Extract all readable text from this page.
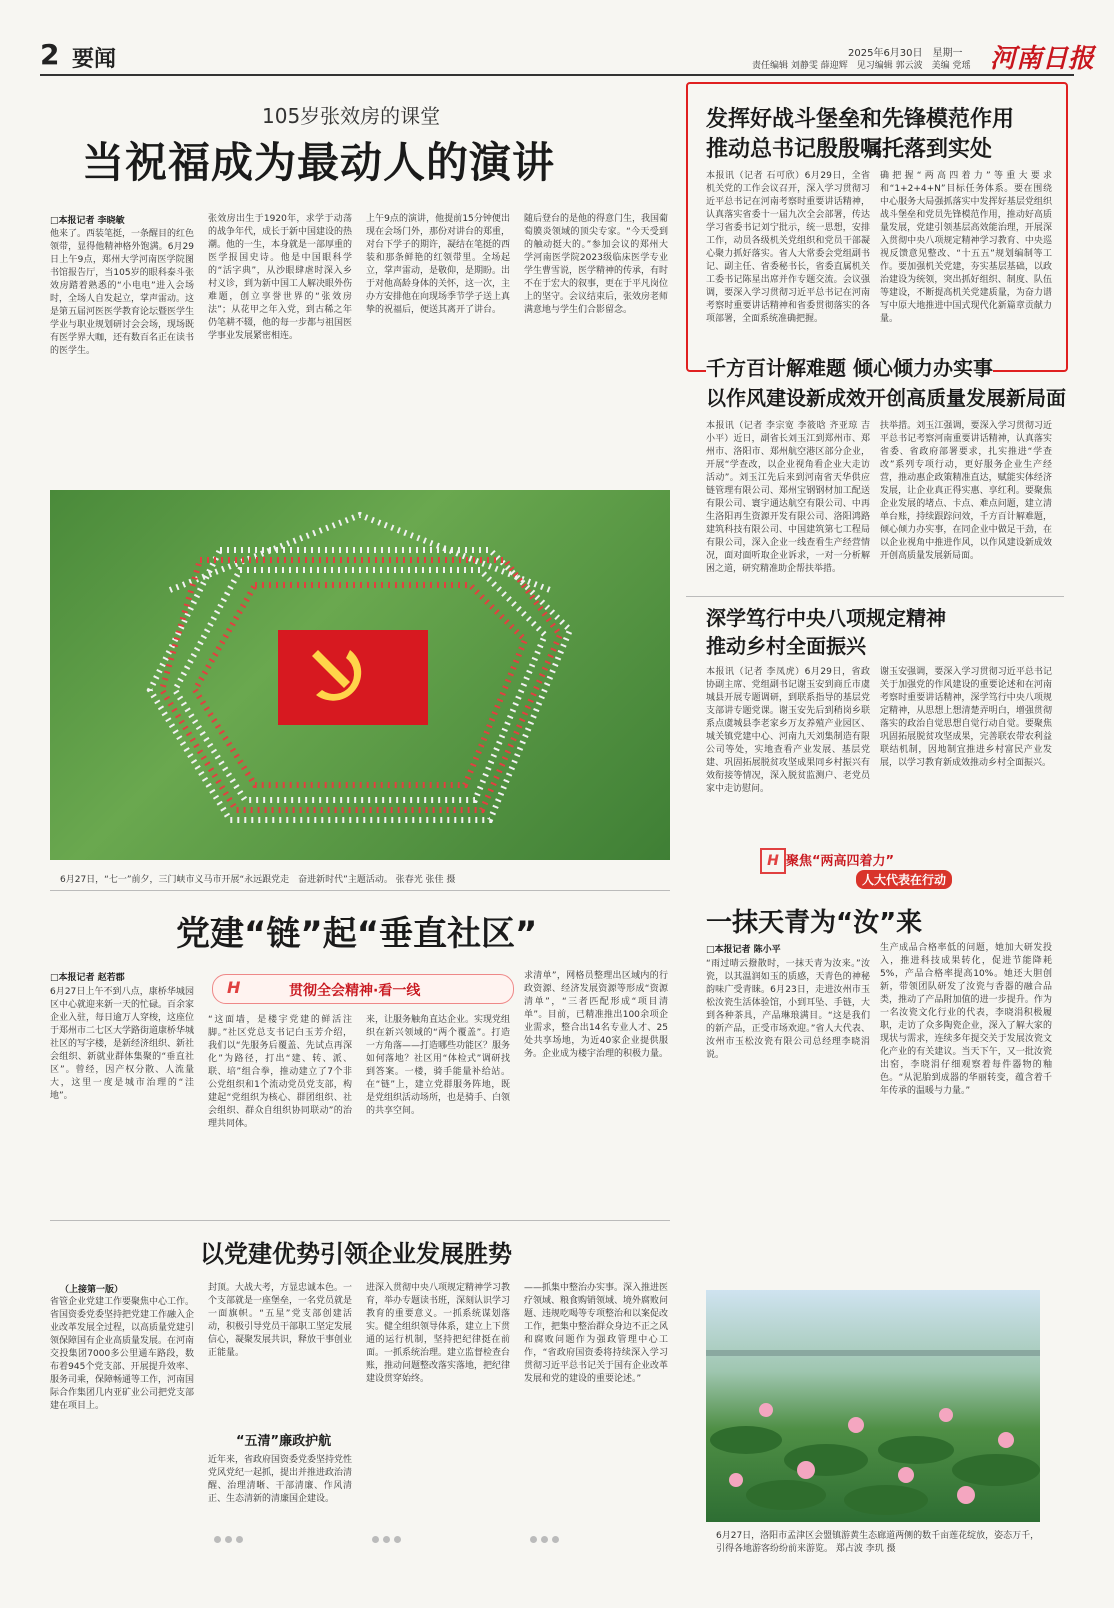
2 要闻	2025年6月30日　星期一
责任编辑 刘静雯 薛迎辉　见习编辑 郭云波　美编 党瑶 河南日报
105岁张效房的课堂
当祝福成为最动人的演讲
□本报记者 李晓敏
他来了。西装笔挺，一条醒目的红色领带，显得他精神格外饱满。6月29日上午9点，郑州大学河南医学院图书馆报告厅，当105岁的眼科泰斗张效房踏着熟悉的“小电电”进入会场时，全场人自发起立，掌声雷动。这是第五届河医医学教育论坛暨医学生学业与职业规划研讨会会场，现场既有医学界大咖，还有数百名正在读书的医学生。
张效房出生于1920年，求学于动荡的战争年代，成长于新中国建设的热潮。他的一生，本身就是一部厚重的医学报国史诗。他是中国眼科学的“活字典”，从沙眼肆虐时深入乡村义诊，到为新中国工人解决眼外伤难题，创立享誉世界的“张效房法”；从花甲之年入党，到古稀之年仍笔耕不辍，他的每一步都与祖国医学事业发展紧密相连。
上午9点的演讲，他提前15分钟便出现在会场门外，那份对讲台的郑重，对台下学子的期许，凝结在笔挺的西装和那条鲜艳的红领带里。全场起立，掌声雷动，是敬仰，是期盼。出于对他高龄身体的关怀，这一次，主办方安排他在向现场季节学子送上真挚的祝福后，便送其离开了讲台。
随后登台的是他的得意门生，我国葡萄膜炎领域的顶尖专家。“今天受到的触动挺大的。”参加会议的郑州大学河南医学院2023级临床医学专业学生曹雪说，医学精神的传承，有时不在于宏大的叙事，更在于平凡岗位上的坚守。会议结束后，张效房老师满意地与学生们合影留念。
6月27日，“七一”前夕，三门峡市义马市开展“永远跟党走　奋进新时代”主题活动。 张春光 张佳 摄
发挥好战斗堡垒和先锋模范作用
推动总书记殷殷嘱托落到实处
本报讯（记者 石可欣）6月29日，全省机关党的工作会议召开，深入学习贯彻习近平总书记在河南考察时重要讲话精神，认真落实省委十一届九次全会部署，传达学习省委书记刘宁批示，统一思想，安排工作，动员各级机关党组织和党员干部凝心聚力抓好落实。省人大常委会党组副书记、副主任、省委秘书长，省委直属机关工委书记陈星出席并作专题交流。会议强调，要深入学习贯彻习近平总书记在河南考察时重要讲话精神和省委贯彻落实的各项部署，全面系统准确把握。
确把握“两高四着力”等重大要求和“1+2+4+N”目标任务体系。要在围绕中心服务大局强抓落实中发挥好基层党组织战斗堡垒和党员先锋模范作用，推动好高质量发展，党建引领基层高效能治理，开展深入贯彻中央八项规定精神学习教育、中央巡视反馈意见整改、“十五五”规划编制等工作。要加强机关党建，夯实基层基础，以政治建设为统领，突出抓好组织、制度、队伍等建设，不断提高机关党建质量，为奋力谱写中原大地推进中国式现代化新篇章贡献力量。
千方百计解难题 倾心倾力办实事
以作风建设新成效开创高质量发展新局面
本报讯（记者 李宗宽 李筱晗 齐亚琼 吉小平）近日，副省长刘玉江到郑州市、郑州市、洛阳市、郑州航空港区部分企业，开展“学查改，以企业视角看企业大走访活动”。刘玉江先后来到河南省天华供应链管理有限公司、郑州宝钢钢材加工配送有限公司、寰宇通达航空有限公司、中再生洛阳再生资源开发有限公司、洛阳鸿路建筑科技有限公司、中国建筑第七工程局有限公司，深入企业一线查看生产经营情况，面对面听取企业诉求，一对一分析解困之道，研究精准助企帮扶举措。
扶举措。刘玉江强调，要深入学习贯彻习近平总书记考察河南重要讲话精神，认真落实省委、省政府部署要求，扎实推进“学查改”系列专项行动，更好服务企业生产经营，推动惠企政策精准直达，赋能实体经济发展，让企业真正得实惠、享红利。要聚焦企业发展的堵点、卡点、难点问题，建立清单台账，持续跟踪问效，千方百计解难题，倾心倾力办实事，在同企业中做足干劲，在以企业视角中推进作风，以作风建设新成效开创高质量发展新局面。
深学笃行中央八项规定精神
推动乡村全面振兴
本报讯（记者 李凤虎）6月29日，省政协副主席、党组副书记谢玉安到商丘市虞城县开展专题调研，到联系指导的基层党支部讲专题党课。谢玉安先后到稍岗乡联系点虞城县李老家乡万友养殖产业园区、城关镇党建中心、河南九天刘集制造有限公司等处，实地查看产业发展、基层党建、巩固拓展脱贫攻坚成果同乡村振兴有效衔接等情况，深入脱贫监测户、老党员家中走访慰问。
谢玉安强调，要深入学习贯彻习近平总书记关于加强党的作风建设的重要论述和在河南考察时重要讲话精神，深学笃行中央八项规定精神，从思想上想清楚弄明白，增强贯彻落实的政治自觉思想自觉行动自觉。要聚焦巩固拓展脱贫攻坚成果，完善联农带农利益联结机制，因地制宜推进乡村富民产业发展，以学习教育新成效推动乡村全面振兴。
H 聚焦“两高四着力”
人大代表在行动
一抹天青为“汝”来
□本报记者 陈小平
“雨过晴云撥散时，一抹天青为汝来。”汝瓷，以其温润如玉的质感，天青色的神秘韵味广受青睐。6月23日，走进汝州市玉松汝瓷生活体验馆，小到耳坠、手链，大到各种茶具，产品琳琅满目。“这是我们的新产品，正受市场欢迎。”省人大代表、汝州市玉松汝瓷有限公司总经理李晓涓说。
生产成品合格率低的问题，她加大研发投入，推进科技成果转化，促进节能降耗5%，产品合格率提高10%。她还大胆创新，带领团队研发了汝瓷与香器的融合品类，推动了产品附加值的进一步提升。作为一名汝瓷文化行业的代表，李晓涓积极履职，走访了众多陶瓷企业，深入了解大家的现状与需求，连续多年提交关于发展汝瓷文化产业的有关建议。当天下午，又一批汝瓷出窑，李晓涓仔细观察着每件器物的釉色。“从泥胎到成器的华丽转变，蕴含着千年传承的温暖与力量。”
6月27日，洛阳市孟津区会盟镇游黄生态廊道两侧的数千亩莲花绽放，姿态万千，引得各地游客纷纷前来游览。 郑占波 李玑 摄
党建“链”起“垂直社区”
□本报记者 赵若郡
6月27日上午不到八点，康桥华城园区中心就迎来新一天的忙碌。百余家企业入驻，每日逾万人穿梭，这座位于郑州市二七区大学路街道康桥华城社区的写字楼，是新经济组织、新社会组织、新就业群体集聚的“垂直社区”。曾经，因产权分散、人流量大，这里一度是城市治理的“洼地”。
H	贯彻全会精神·看一线
“这面墙，是楼宇党建的鲜活注脚。”社区党总支书记白玉芳介绍，我们以“先服务后覆盖、先试点再深化”为路径，打出“建、转、派、联、培”组合拳，推动建立了7个非公党组织和1个流动党员党支部，构建起“党组织为核心、群团组织、社会组织、群众自组织协同联动”的治理共同体。
来，让服务触角直达企业。实现党组织在新兴领域的“两个覆盖”。打造一方角落——打造哪些功能区？服务如何落地？社区用“体检式”调研找到答案。一楼，骑手能量补给站。在“链”上，建立党群服务阵地，既是党组织活动场所，也是骑手、白领的共享空间。
求清单”，网格员整理出区域内的行政资源、经济发展资源等形成“资源清单”，“三者匹配形成“项目清单”。目前，已精准推出100余项企业需求，整合出14名专业人才、25处共享场地，为近40家企业提供服务。企业成为楼宇治理的积极力量。
以党建优势引领企业发展胜势
（上接第一版）
省管企业党建工作要聚焦中心工作。省国资委党委坚持把党建工作融入企业改革发展全过程，以高质量党建引领保障国有企业高质量发展。在河南交投集团7000多公里通车路段，数布着945个党支部、开展提升效率、服务司乘，保障畅通等工作，河南国际合作集团几内亚矿业公司把党支部建在项目上。
封顶。大战大考，方显忠诚本色。一个支部就是一座堡垒，一名党员就是一面旗帜。“五星”党支部创建活动，积极引导党员干部职工坚定发展信心，凝聚发展共识，释放干事创业正能量。
“五清”廉政护航
近年来，省政府国资委党委坚持党性党风党纪一起抓，提出并推进政治清醒、治理清晰、干部清廉、作风清正、生态清新的清廉国企建设。
进深入贯彻中央八项规定精神学习教育，举办专题读书班，深刻认识学习教育的重要意义。一抓系统谋划落实。健全组织领导体系，建立上下贯通的运行机制，坚持把纪律挺在前面。一抓系统治理。建立监督检查台账，推动问题整改落实落地，把纪律建设贯穿始终。
——抓集中整治办实事。深入推进医疗领域、粮食购销领域、境外腐败问题、违规吃喝等专项整治和以案促改工作，把集中整治群众身边不正之风和腐败问题作为强政管理中心工作，“省政府国资委将持续深入学习贯彻习近平总书记关于国有企业改革发展和党的建设的重要论述。”
